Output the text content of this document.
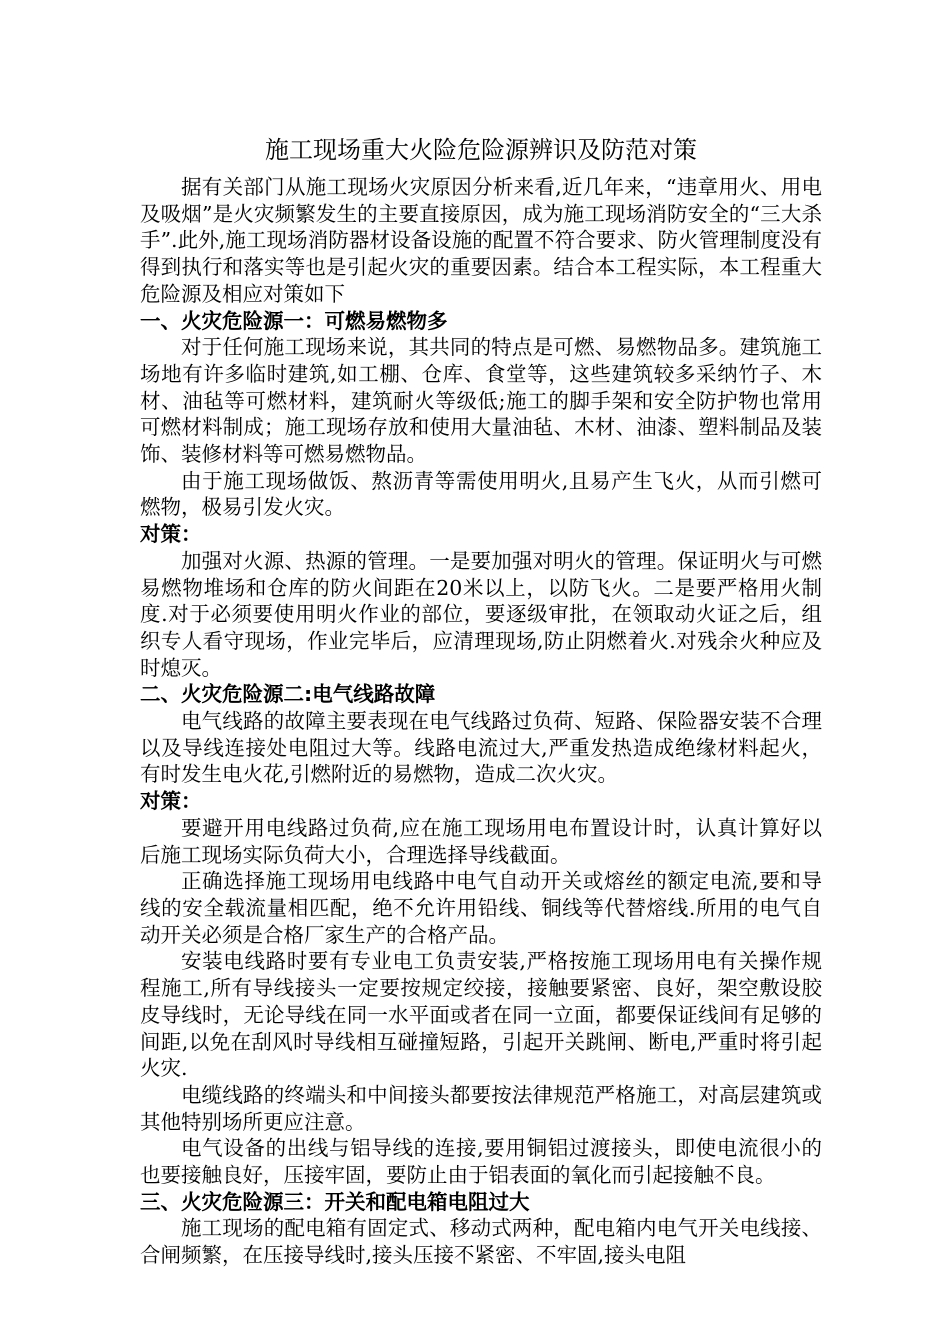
施工现场重大火险危险源辨识及防范对策

据有关部门从施工现场火灾原因分析来看,近几年来，“违章用火、用电及吸烟”是火灾频繁发生的主要直接原因，成为施工现场消防安全的“三大杀手”.此外,施工现场消防器材设备设施的配置不符合要求、防火管理制度没有得到执行和落实等也是引起火灾的重要因素。结合本工程实际，本工程重大危险源及相应对策如下

一、火灾危险源一：可燃易燃物多

对于任何施工现场来说，其共同的特点是可燃、易燃物品多。建筑施工场地有许多临时建筑,如工棚、仓库、食堂等，这些建筑较多采纳竹子、木材、油毡等可燃材料，建筑耐火等级低;施工的脚手架和安全防护物也常用可燃材料制成；施工现场存放和使用大量油毡、木材、油漆、塑料制品及装饰、装修材料等可燃易燃物品。

由于施工现场做饭、熬沥青等需使用明火,且易产生飞火，从而引燃可燃物，极易引发火灾。

对策：

加强对火源、热源的管理。一是要加强对明火的管理。保证明火与可燃易燃物堆场和仓库的防火间距在20米以上，以防飞火。二是要严格用火制度.对于必须要使用明火作业的部位，要逐级审批，在领取动火证之后，组织专人看守现场，作业完毕后，应清理现场,防止阴燃着火.对残余火种应及时熄灭。

二、火灾危险源二:电气线路故障

电气线路的故障主要表现在电气线路过负荷、短路、保险器安装不合理以及导线连接处电阻过大等。线路电流过大,严重发热造成绝缘材料起火，有时发生电火花,引燃附近的易燃物，造成二次火灾。

对策：

要避开用电线路过负荷,应在施工现场用电布置设计时，认真计算好以后施工现场实际负荷大小，合理选择导线截面。

正确选择施工现场用电线路中电气自动开关或熔丝的额定电流,要和导线的安全载流量相匹配，绝不允许用铅线、铜线等代替熔线.所用的电气自动开关必须是合格厂家生产的合格产品。

安装电线路时要有专业电工负责安装,严格按施工现场用电有关操作规程施工,所有导线接头一定要按规定绞接，接触要紧密、良好，架空敷设胶皮导线时，无论导线在同一水平面或者在同一立面，都要保证线间有足够的间距,以免在刮风时导线相互碰撞短路，引起开关跳闸、断电,严重时将引起火灾.

电缆线路的终端头和中间接头都要按法律规范严格施工，对高层建筑或其他特别场所更应注意。

电气设备的出线与铝导线的连接,要用铜铝过渡接头，即使电流很小的也要接触良好，压接牢固，要防止由于铝表面的氧化而引起接触不良。

三、火灾危险源三：开关和配电箱电阻过大

施工现场的配电箱有固定式、移动式两种，配电箱内电气开关电线接、合闸频繁，在压接导线时,接头压接不紧密、不牢固,接头电阻
